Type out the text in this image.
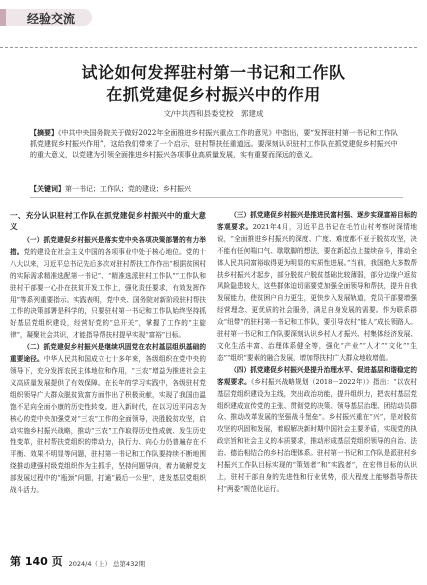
经验交流
试论如何发挥驻村第一书记和工作队
在抓党建促乡村振兴中的作用
文/中共西和县委党校　郭建成
【摘要】《中共中央国务院关于做好2022年全面推进乡村振兴重点工作的意见》中指出，要“发挥驻村第一书记和工作队抓党建促乡村振兴作用”，这给我们带来了一个启示，驻村帮扶任重道远。要深刻认识驻村工作队在抓党建促乡村振兴中的重大意义，以党建为引领全面推进乡村振兴各项事业高质量发展，实有重要而深远的意义。
【关键词】第一书记；工作队；党的建设；乡村振兴
一、充分认识驻村工作队在抓党建促乡村振兴中的重大意义

（一）抓党建促乡村振兴是落实党中央各项决策部署的有力举措。党的建设在社会主义中国的各项事业中处于核心地位。党的十八大以来，习近平总书记先后多次对驻村帮扶工作作出“根据贫困村的实际需求精准选配第一书记”、“精准选派驻村工作队”“工作队和驻村干部要一心扑在扶贫开发工作上，强化责任要求，有效发挥作用”等系列重要指示。实践表明，党中央、国务院对新阶段驻村帮扶工作的决策部署是科学的，只要驻村第一书记和工作队始终坚持抓好基层党组织建设，经营好党的“总开关”，掌握了工作的“主旋律”，凝聚社会共识，才能指导帮扶村提早实现“富裕”目标。

（二）抓党建促乡村振兴是继续巩固党在农村基层组织基础的重要途径。中华人民共和国成立七十多年来，各级组织在党中央的领导下，充分发挥农民主体地位和作用，“三农”增益为推进社会主义高质量发展提供了有效保障。在长年的学习实践中，各级驻村党组织领导广大群众脱贫致富方面作出了积极贡献，实现了我国由温饱不足向全面小康的历史性转变。进入新时代，在以习近平同志为核心的党中央加强党对“三农”工作的全面领导，决胜脱贫攻坚，启动实施乡村振兴战略，推动“三农”工作取得历史性成就、发生历史性变革，驻村帮扶党组织的带动力，执行力、向心力仍普遍存在不平衡、效果不明显等问题，驻村第一书记和工作队要持续不断地围绕推动建强村级党组织作为主抓手，坚持问题导向，着力破解党支部发展过程中的“瓶颈”问题，打通“最后一公里”，进发基层党组织战斗活力。

（三）抓党建促乡村振兴是推进民富村强、逐步实现富裕目标的客观要求。2021年4月，习近平总书记在毛竹山村考察时深情地说，“全面推进乡村振兴的深度、广度、难度都不亚于脱贫攻坚，决不能有任何喘口气、歇歇脚的想法，要在新起点上接续奋斗，推动全体人民共同富裕取得更为明显的实质性进展。”当前，我国绝大多数帮扶乡村振兴才起步，部分脱贫户脱贫基础比较薄弱，部分边缘户返贫风险隐患较大，这些群体迫切需要党加强全面领导和帮扶，提升自我发展能力，使贫困户自力更生，更快步入发展轨道，党员干部要增强经营理念、更优质的社会服务，满足自身发展的需要。作为联系群众“纽带”的驻村第一书记和工作队，要引导农村“能人”成长领路人。驻村第一书记和工作队要深刻认识乡村人才振兴、村集体经济发展、文化生活丰富、治理体系健全等，强化“产业”“人才”“文化”“生态”“组织”要素的融合发展，增加帮扶村广大群众地收增值。

（四）抓党建促乡村振兴是提升治理水平、促进基层和谐稳定的客观要求。《乡村振兴战略规划（2018－2022年）》指出：“以农村基层党组织建设为主线，突出政治功能，提升组织力，把农村基层党组织建成宣传党的主张、贯彻党的决策、领导基层治理、团结动员群众、推动改革发展的坚强战斗堡垒”。乡村振兴重在“兴”，是对脱贫攻坚的巩固和发展，着眼解决新时期中国社会主要矛盾，实现党的执政宗旨和社会主义的本质要求，推动形成基层党组织领导的自治、法治、德治相结合的乡村治理体系。驻村第一书记和工作队是派驻村乡村振兴工作队目标实现的“策划者”和“实践者”，在宏伟目标的认识上，驻村干部自身的先进性和行业优势，很大程度上能够指导帮扶村“两委”规范化运行。

第 140 页 2024/4（上） 总第432期
